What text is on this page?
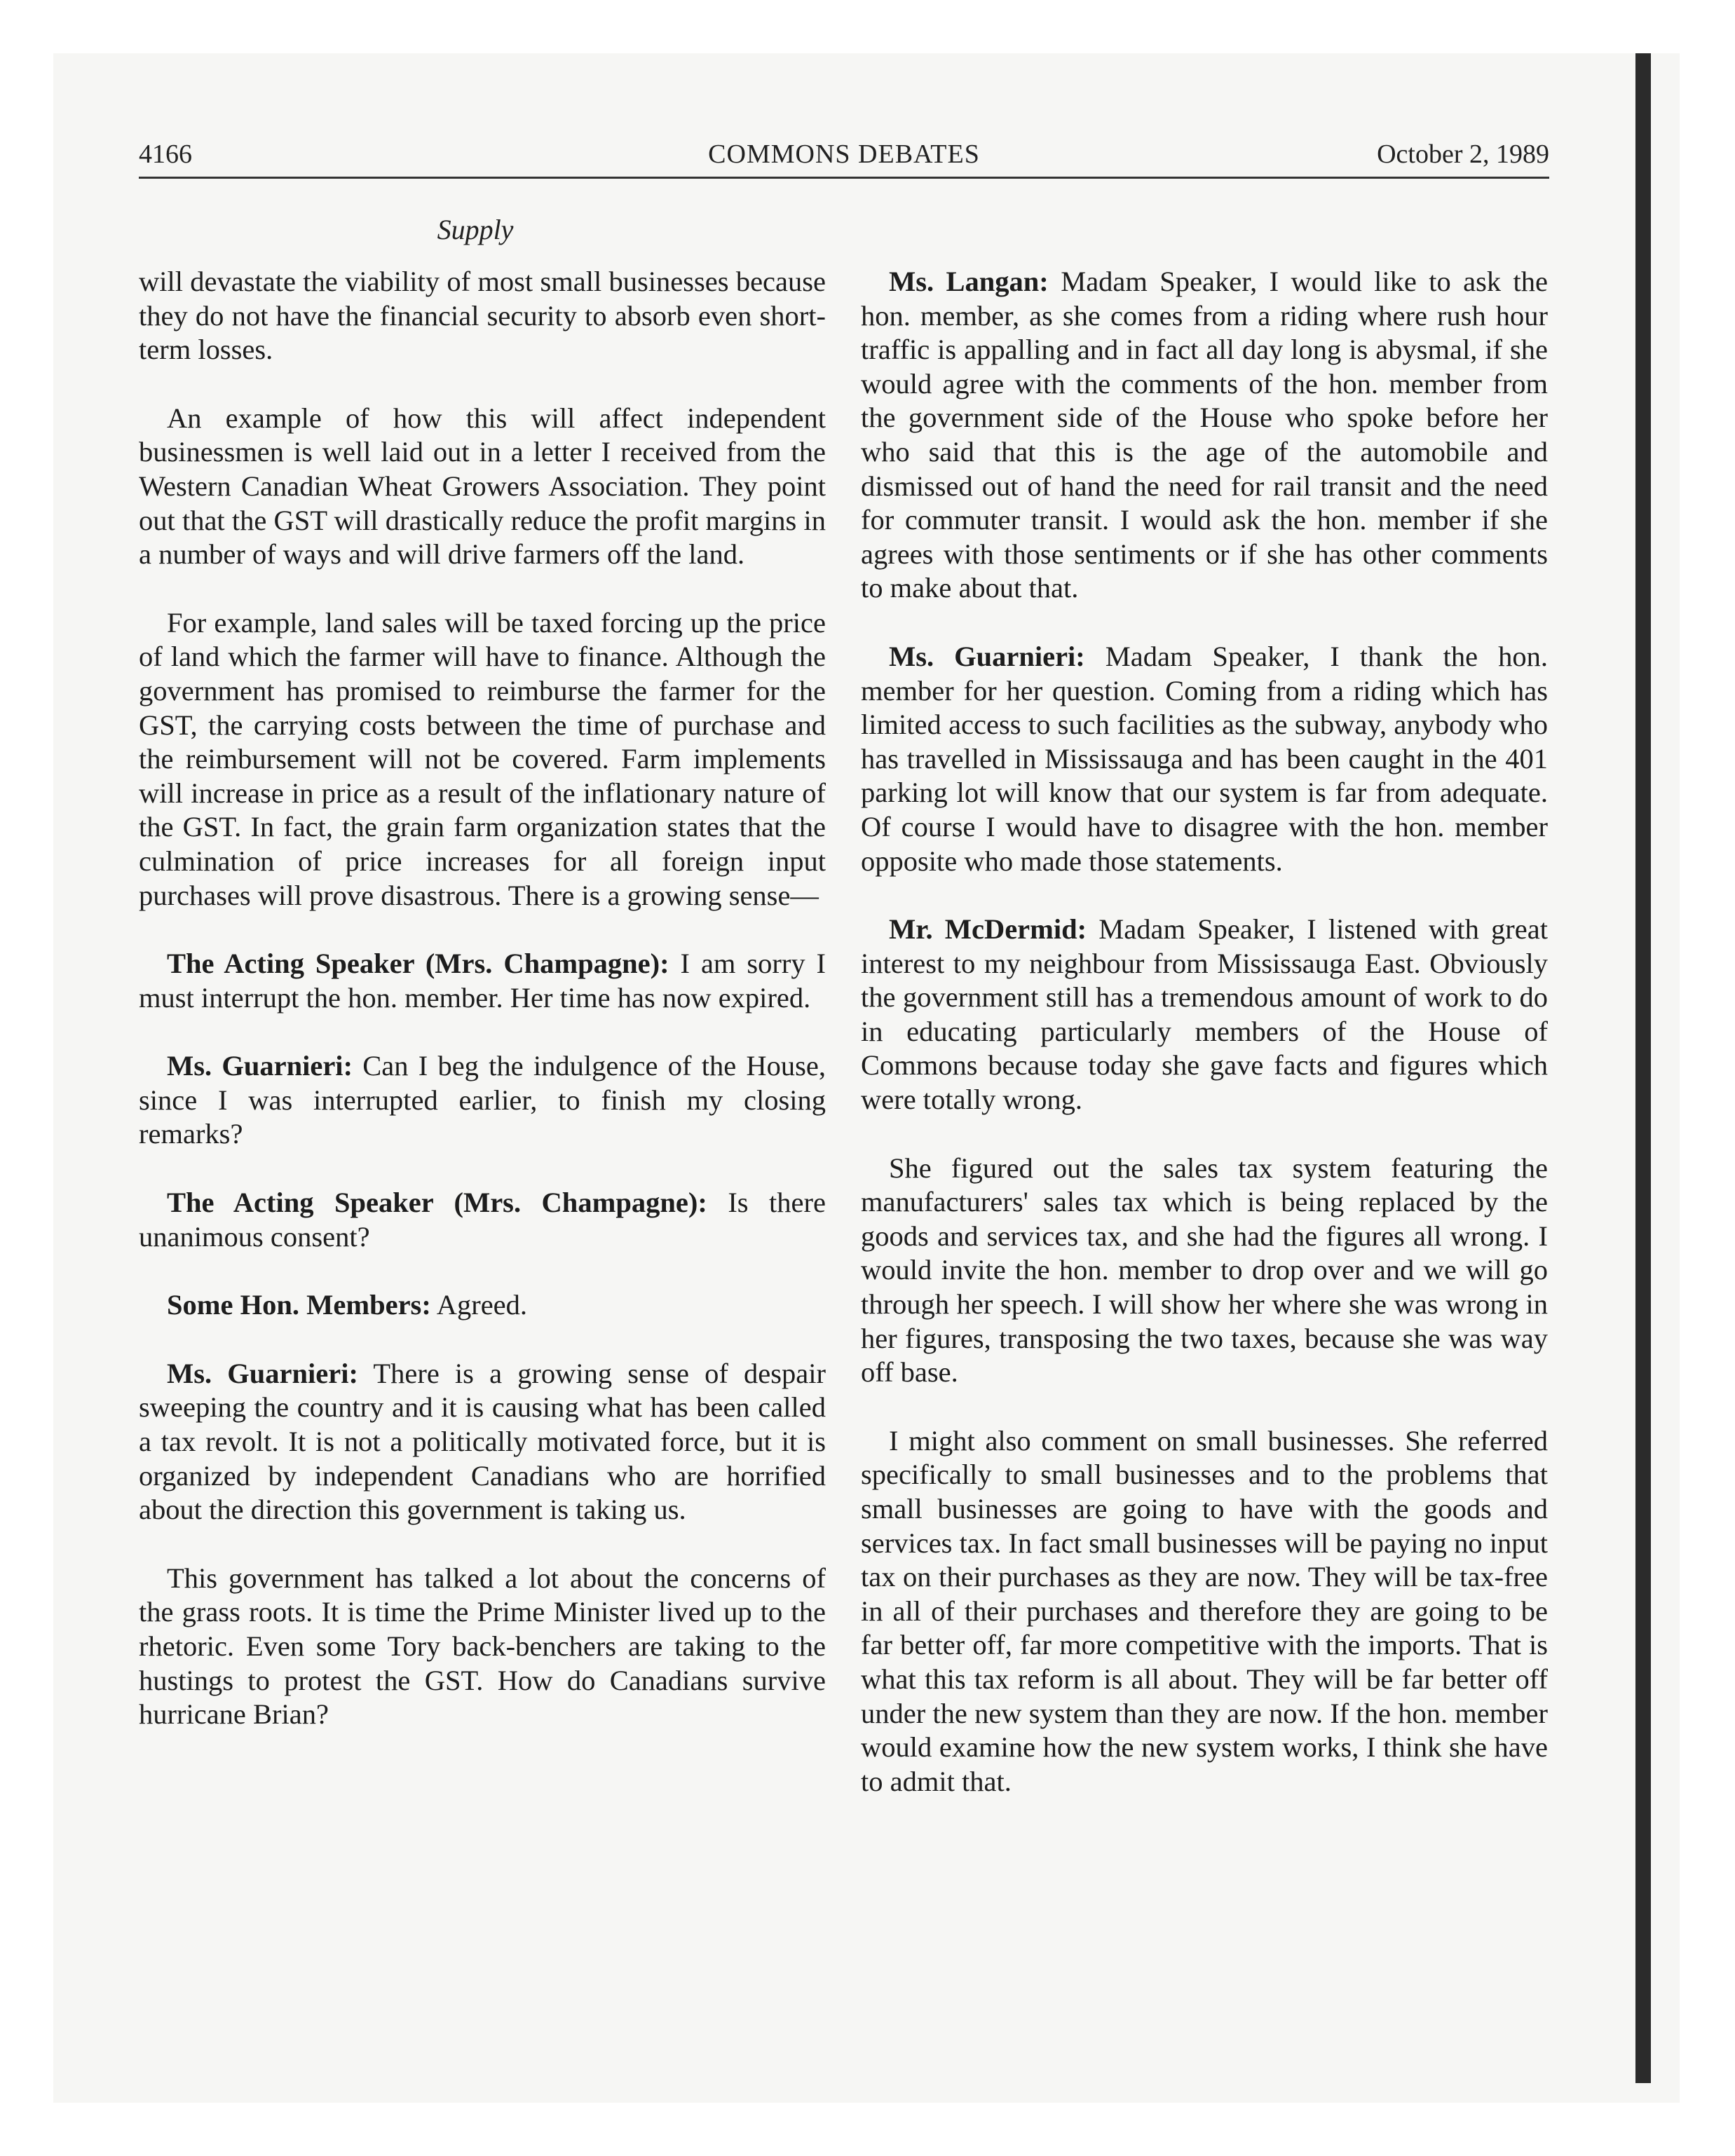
4166	COMMONS DEBATES	October 2, 1989
Supply

will devastate the viability of most small businesses because they do not have the financial security to absorb even short-term losses.

An example of how this will affect independent businessmen is well laid out in a letter I received from the Western Canadian Wheat Growers Association. They point out that the GST will drastically reduce the profit margins in a number of ways and will drive farmers off the land.

For example, land sales will be taxed forcing up the price of land which the farmer will have to finance. Although the government has promised to reimburse the farmer for the GST, the carrying costs between the time of purchase and the reimbursement will not be covered. Farm implements will increase in price as a result of the inflationary nature of the GST. In fact, the grain farm organization states that the culmination of price increases for all foreign input purchases will prove disastrous. There is a growing sense—

The Acting Speaker (Mrs. Champagne): I am sorry I must interrupt the hon. member. Her time has now expired.

Ms. Guarnieri: Can I beg the indulgence of the House, since I was interrupted earlier, to finish my closing remarks?

The Acting Speaker (Mrs. Champagne): Is there unanimous consent?

Some Hon. Members: Agreed.

Ms. Guarnieri: There is a growing sense of despair sweeping the country and it is causing what has been called a tax revolt. It is not a politically motivated force, but it is organized by independent Canadians who are horrified about the direction this government is taking us.

This government has talked a lot about the concerns of the grass roots. It is time the Prime Minister lived up to the rhetoric. Even some Tory back-benchers are taking to the hustings to protest the GST. How do Canadians survive hurricane Brian?

Ms. Langan: Madam Speaker, I would like to ask the hon. member, as she comes from a riding where rush hour traffic is appalling and in fact all day long is abysmal, if she would agree with the comments of the hon. member from the government side of the House who spoke before her who said that this is the age of the automobile and dismissed out of hand the need for rail transit and the need for commuter transit. I would ask the hon. member if she agrees with those sentiments or if she has other comments to make about that.

Ms. Guarnieri: Madam Speaker, I thank the hon. member for her question. Coming from a riding which has limited access to such facilities as the subway, anybody who has travelled in Mississauga and has been caught in the 401 parking lot will know that our system is far from adequate. Of course I would have to disagree with the hon. member opposite who made those statements.

Mr. McDermid: Madam Speaker, I listened with great interest to my neighbour from Mississauga East. Obviously the government still has a tremendous amount of work to do in educating particularly members of the House of Commons because today she gave facts and figures which were totally wrong.

She figured out the sales tax system featuring the manufacturers' sales tax which is being replaced by the goods and services tax, and she had the figures all wrong. I would invite the hon. member to drop over and we will go through her speech. I will show her where she was wrong in her figures, transposing the two taxes, because she was way off base.

I might also comment on small businesses. She referred specifically to small businesses and to the problems that small businesses are going to have with the goods and services tax. In fact small businesses will be paying no input tax on their purchases as they are now. They will be tax-free in all of their purchases and therefore they are going to be far better off, far more competitive with the imports. That is what this tax reform is all about. They will be far better off under the new system than they are now. If the hon. member would examine how the new system works, I think she have to admit that.
